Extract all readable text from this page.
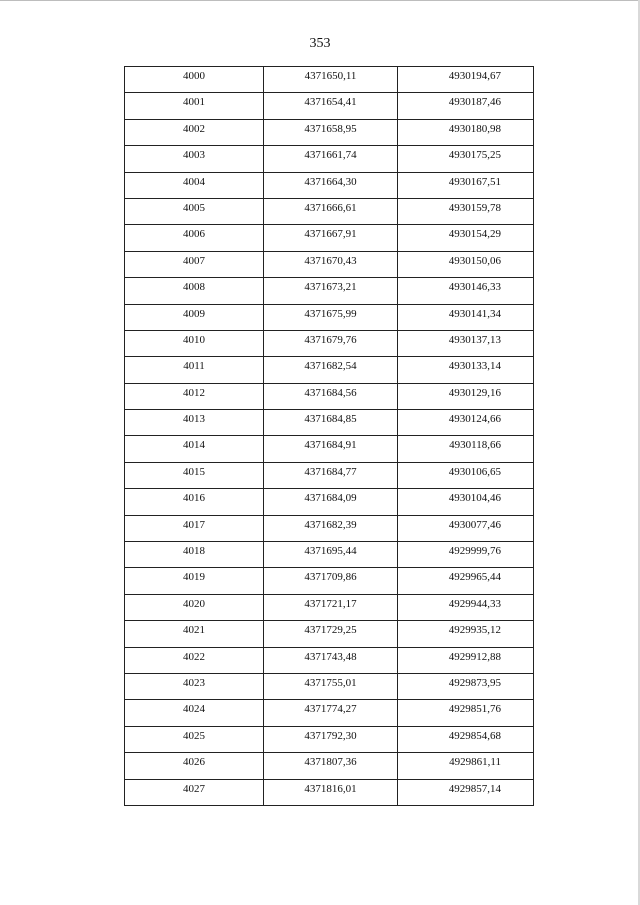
353
4000	4371650,11	4930194,67

4001	4371654,41	4930187,46

4002	4371658,95	4930180,98

4003	4371661,74	4930175,25

4004	4371664,30	4930167,51

4005	4371666,61	4930159,78

4006	4371667,91	4930154,29

4007	4371670,43	4930150,06

4008	4371673,21	4930146,33

4009	4371675,99	4930141,34

4010	4371679,76	4930137,13

4011	4371682,54	4930133,14

4012	4371684,56	4930129,16

4013	4371684,85	4930124,66

4014	4371684,91	4930118,66

4015	4371684,77	4930106,65

4016	4371684,09	4930104,46

4017	4371682,39	4930077,46

4018	4371695,44	4929999,76

4019	4371709,86	4929965,44

4020	4371721,17	4929944,33

4021	4371729,25	4929935,12

4022	4371743,48	4929912,88

4023	4371755,01	4929873,95

4024	4371774,27	4929851,76

4025	4371792,30	4929854,68

4026	4371807,36	4929861,11

4027	4371816,01	4929857,14
